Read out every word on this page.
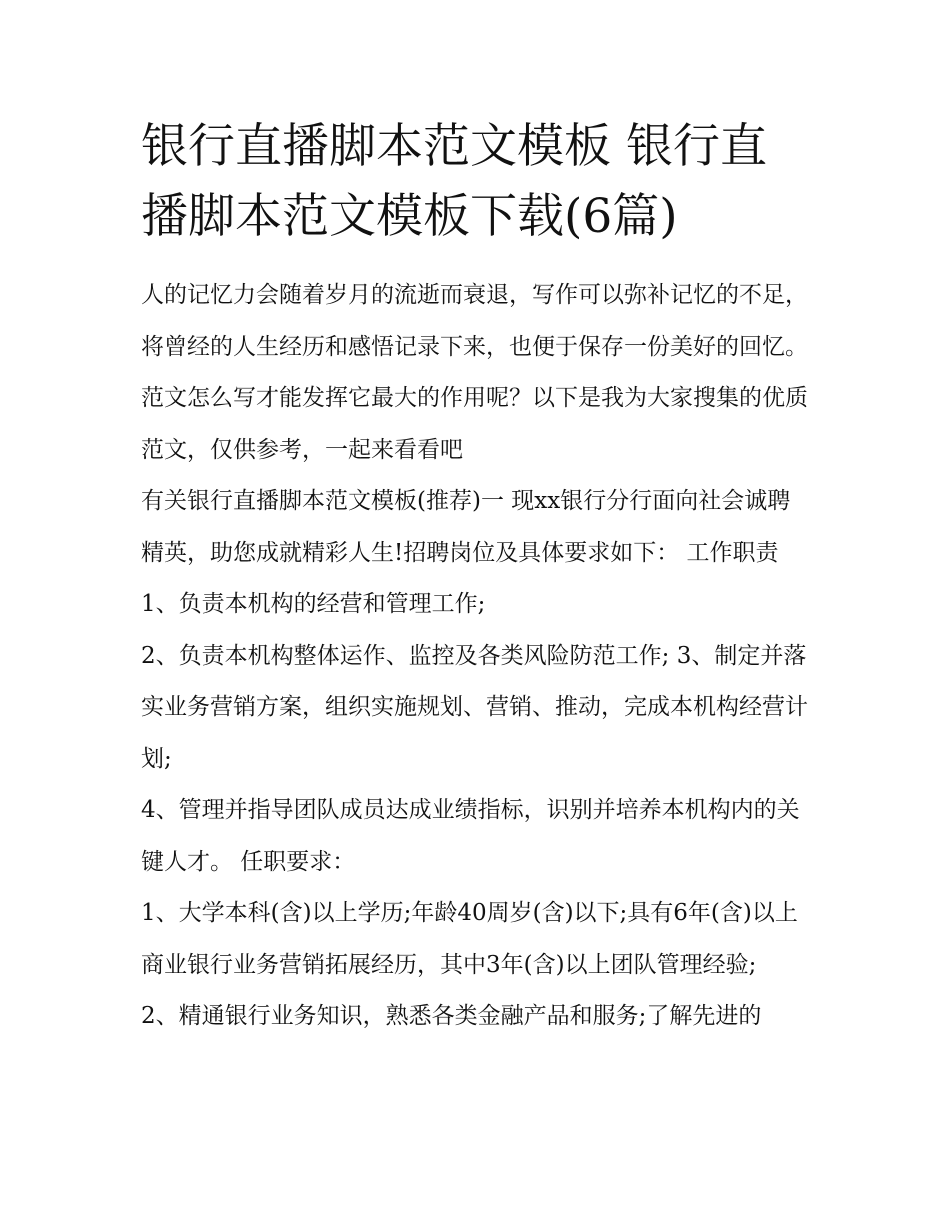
银行直播脚本范文模板 银行直播脚本范文模板下载(6篇)

人的记忆力会随着岁月的流逝而衰退，写作可以弥补记忆的不足，将曾经的人生经历和感悟记录下来，也便于保存一份美好的回忆。范文怎么写才能发挥它最大的作用呢？以下是我为大家搜集的优质范文，仅供参考，一起来看看吧

有关银行直播脚本范文模板(推荐)一 现xx银行分行面向社会诚聘精英，助您成就精彩人生!招聘岗位及具体要求如下： 工作职责 1、负责本机构的经营和管理工作;

2、负责本机构整体运作、监控及各类风险防范工作; 3、制定并落实业务营销方案，组织实施规划、营销、推动，完成本机构经营计划;

4、管理并指导团队成员达成业绩指标，识别并培养本机构内的关键人才。 任职要求：

1、大学本科(含)以上学历;年龄40周岁(含)以下;具有6年(含)以上商业银行业务营销拓展经历，其中3年(含)以上团队管理经验;

2、精通银行业务知识，熟悉各类金融产品和服务;了解先进的
